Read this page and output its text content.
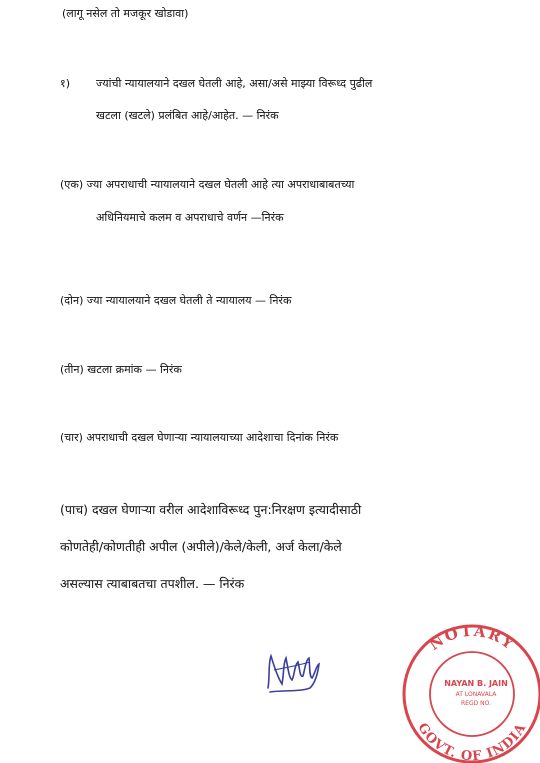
(लागू नसेल तो मजकूर खोडावा)
१) ज्यांची न्यायालयाने दखल घेतली आहे, असा/असे माझ्या विरूध्द पुढील
खटला (खटले) प्रलंबित आहे/आहेत. — निरंक
(एक) ज्या अपराधाची न्यायालयाने दखल घेतली आहे त्या अपराधाबाबतच्या
अधिनियमाचे कलम व अपराधाचे वर्णन —निरंक
(दोन) ज्या न्यायालयाने दखल घेतली ते न्यायालय — निरंक
(तीन) खटला क्रमांक — निरंक
(चार) अपराधाची दखल घेणाऱ्या न्यायालयाच्या आदेशाचा दिनांक निरंक
(पाच) दखल घेणाऱ्या वरील आदेशाविरूध्द पुन:निरक्षण इत्यादीसाठी
कोणतेही/कोणतीही अपील (अपीले)/केले/केली, अर्ज केला/केले
असल्यास त्याबाबतचा तपशील. — निरंक
NOTARY
GOVT. OF INDIA
NAYAN B. JAIN
AT LONAVALA
REGD NO.
